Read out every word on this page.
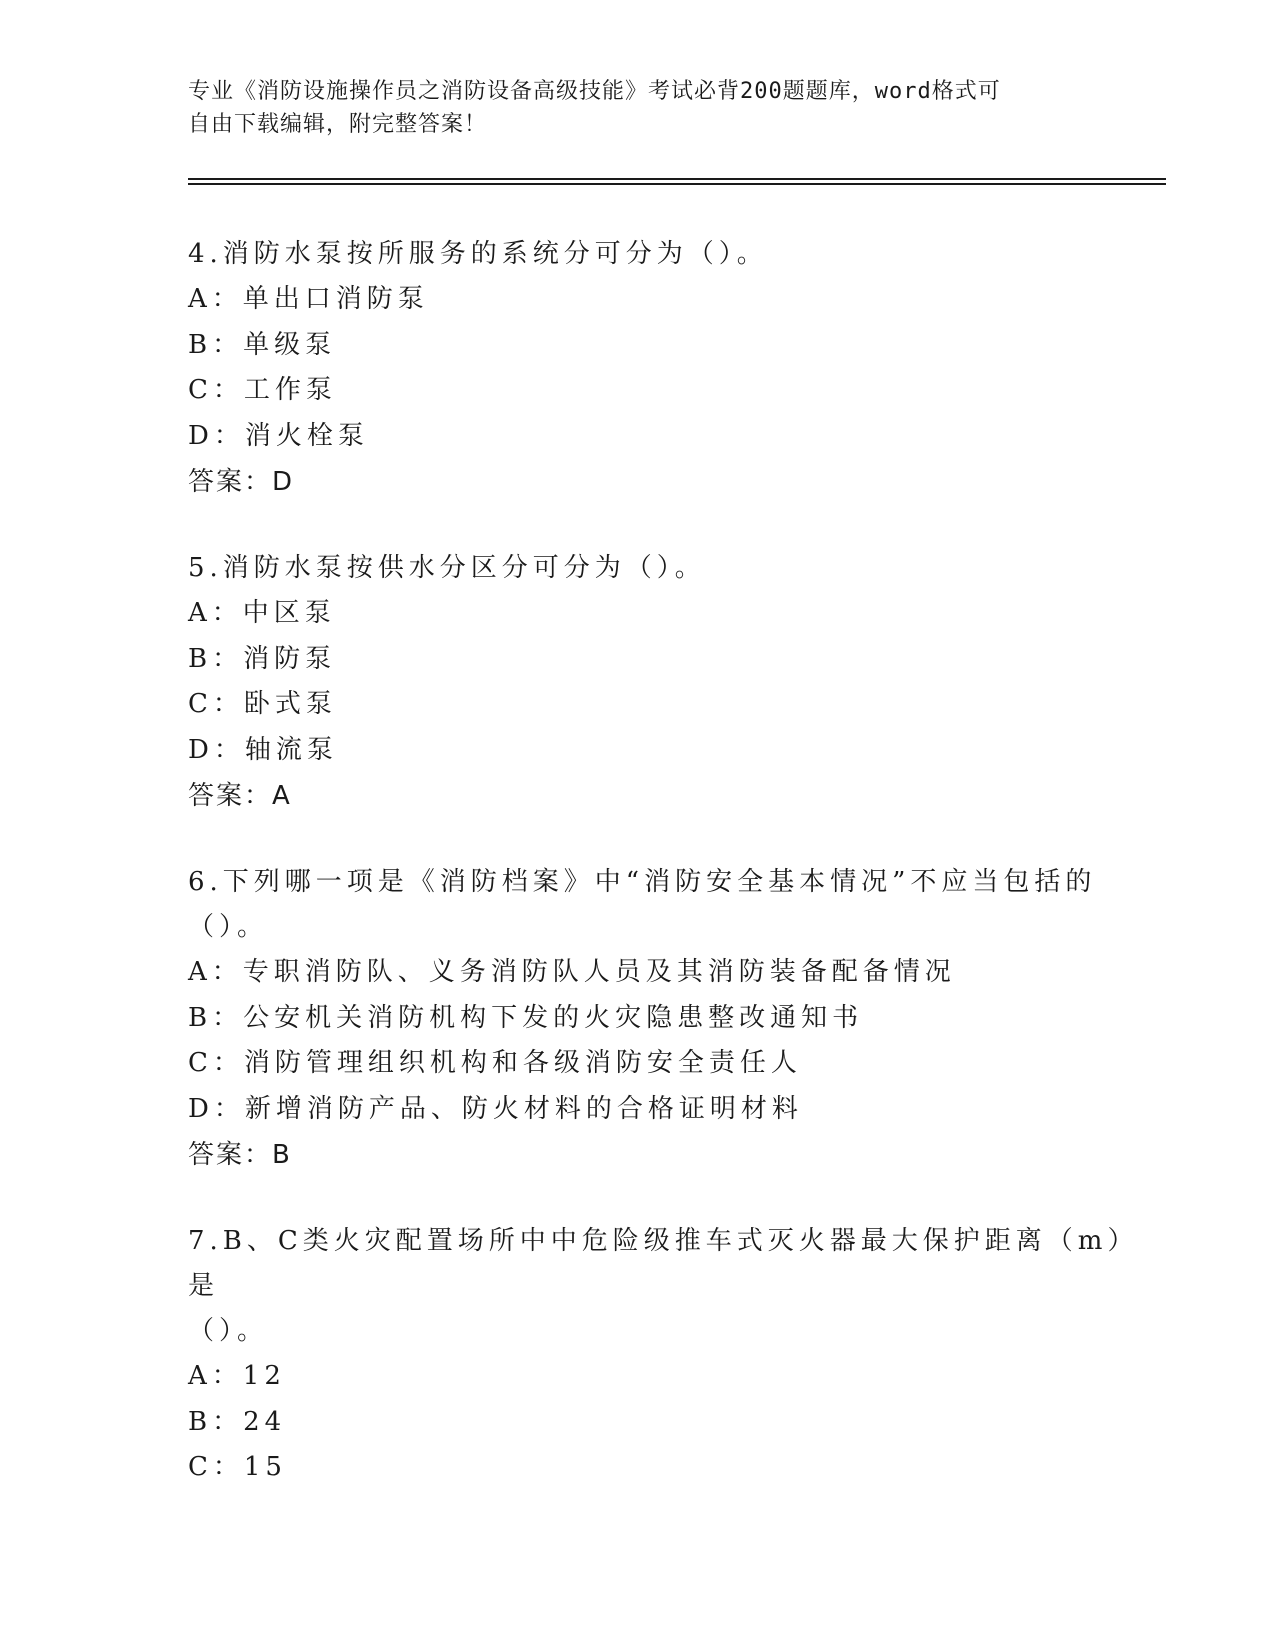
专业《消防设施操作员之消防设备高级技能》考试必背200题题库，word格式可
自由下载编辑，附完整答案！
4.消防水泵按所服务的系统分可分为（）。
A：单出口消防泵
B：单级泵
C：工作泵
D：消火栓泵
答案：D
5.消防水泵按供水分区分可分为（）。
A：中区泵
B：消防泵
C：卧式泵
D：轴流泵
答案：A
6.下列哪一项是《消防档案》中“消防安全基本情况”不应当包括的
（）。
A：专职消防队、义务消防队人员及其消防装备配备情况
B：公安机关消防机构下发的火灾隐患整改通知书
C：消防管理组织机构和各级消防安全责任人
D：新增消防产品、防火材料的合格证明材料
答案：B
7.B、C类火灾配置场所中中危险级推车式灭火器最大保护距离（m）是
（）。
A：12
B：24
C：15
